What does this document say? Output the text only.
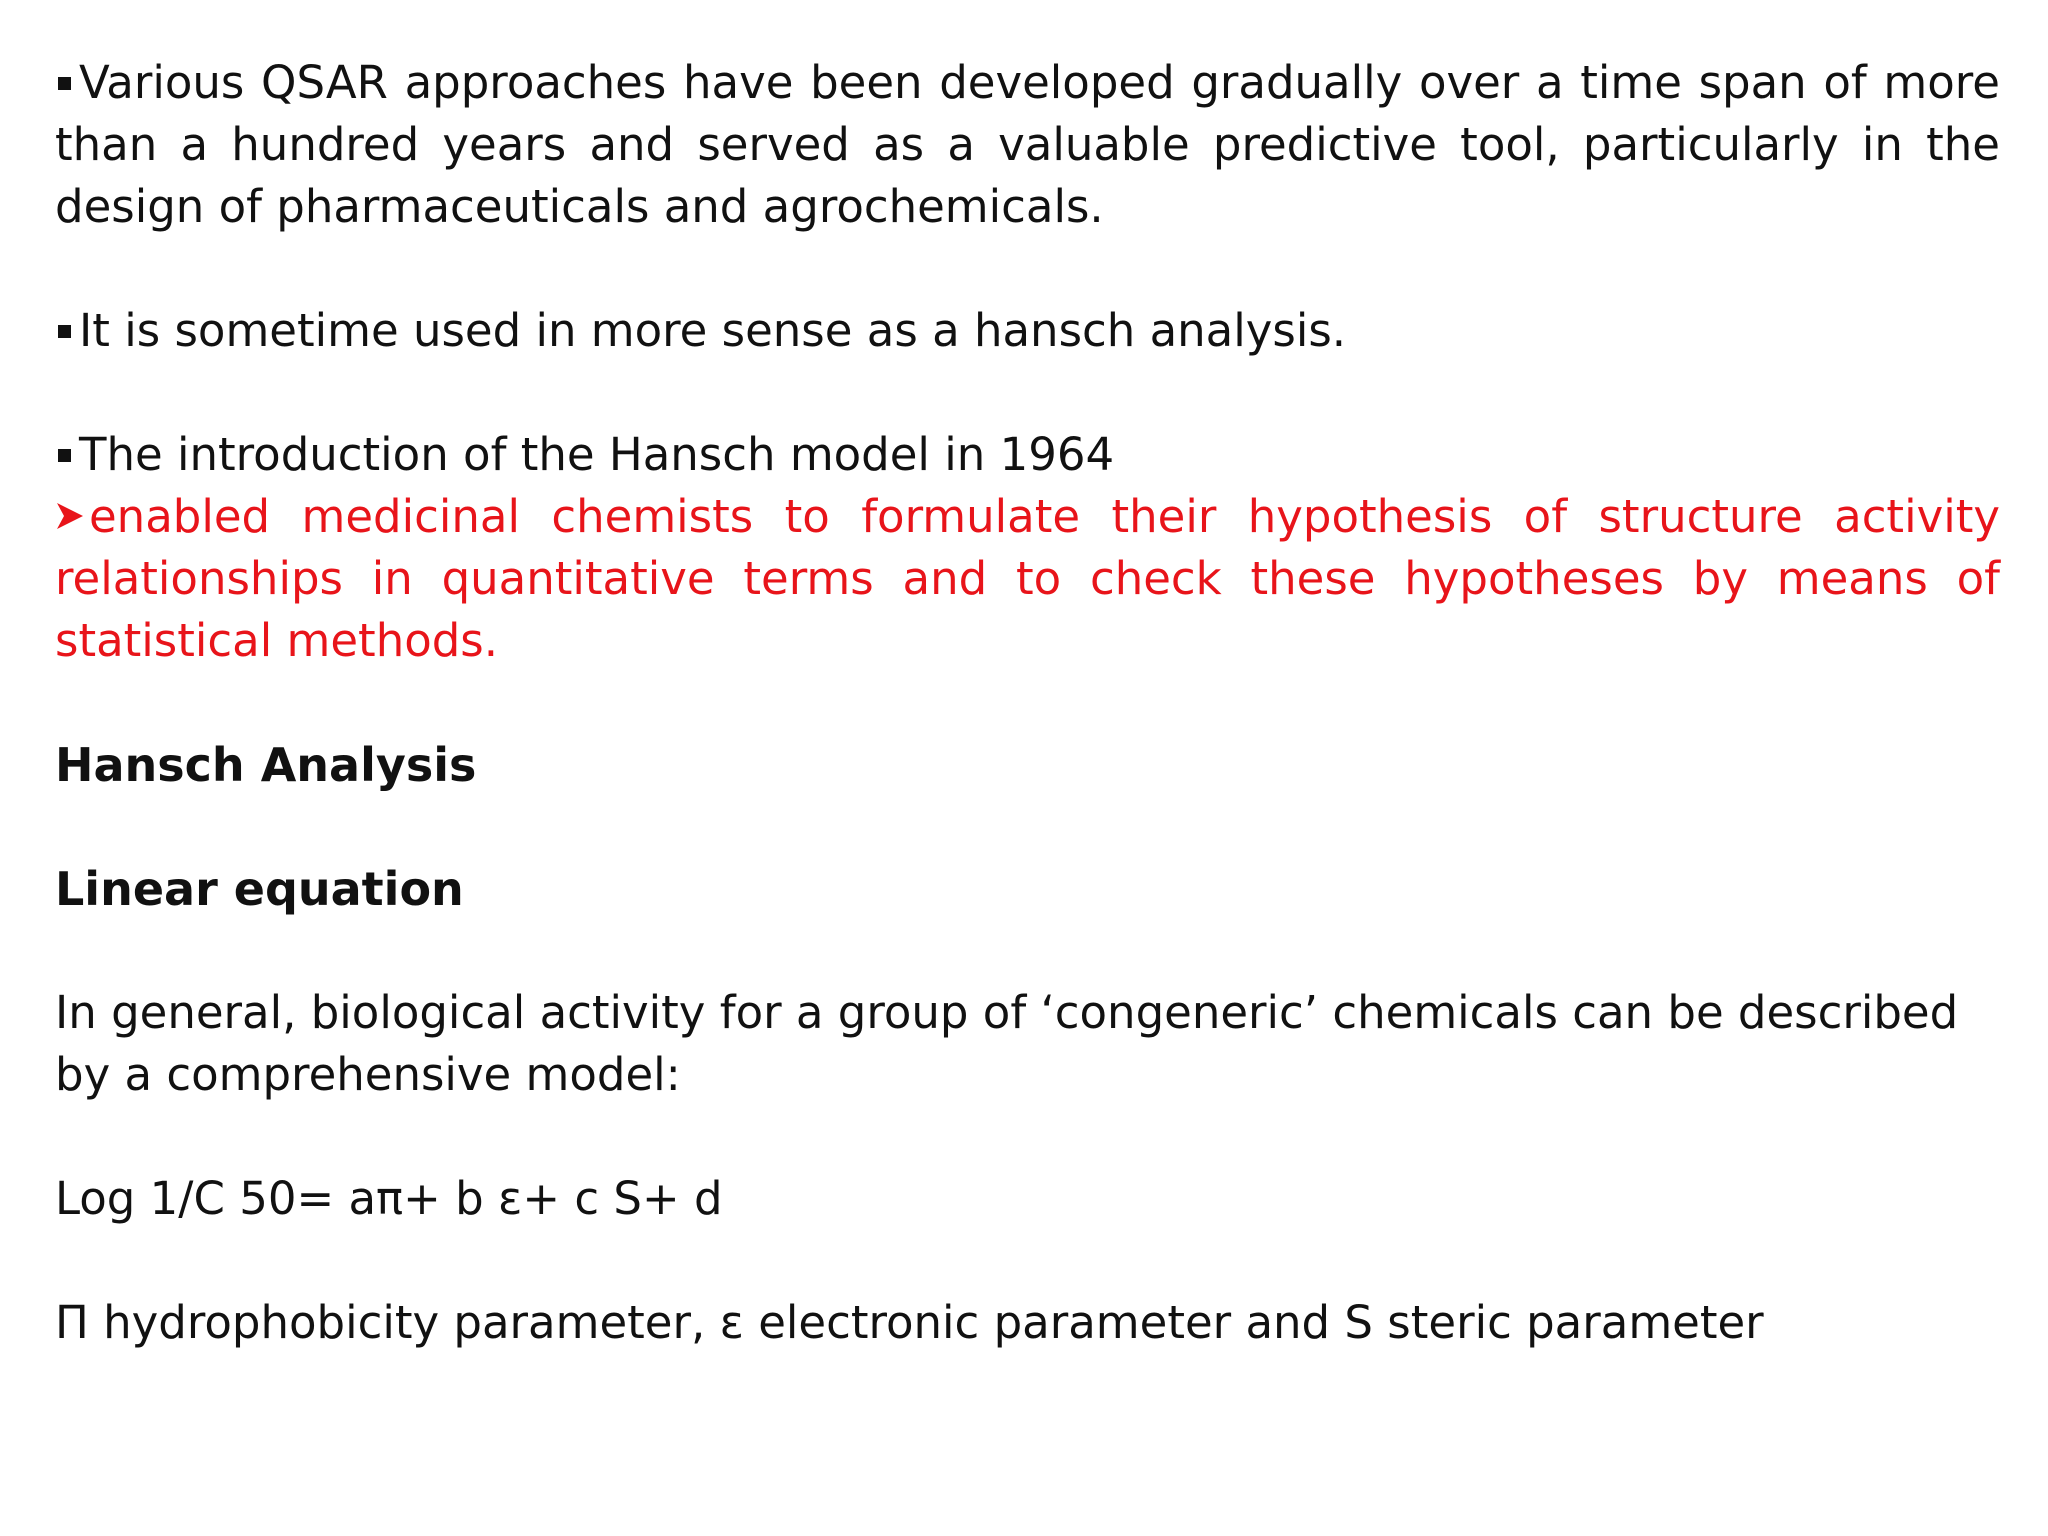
Various QSAR approaches have been developed gradually over a time span of more than a hundred years and served as a valuable predictive tool, particularly in the design of pharmaceuticals and agrochemicals.

It is sometime used in more sense as a hansch analysis.

The introduction of the Hansch model in 1964

enabled medicinal chemists to formulate their hypothesis of structure activity relationships in quantitative terms and to check these hypotheses by means of statistical methods.

Hansch Analysis

Linear equation

In general, biological activity for a group of ‘congeneric’ chemicals can be described by a comprehensive model:

Log 1/C 50= aπ+ b ε+ c S+ d

Π hydrophobicity parameter, ε electronic parameter and S steric parameter
